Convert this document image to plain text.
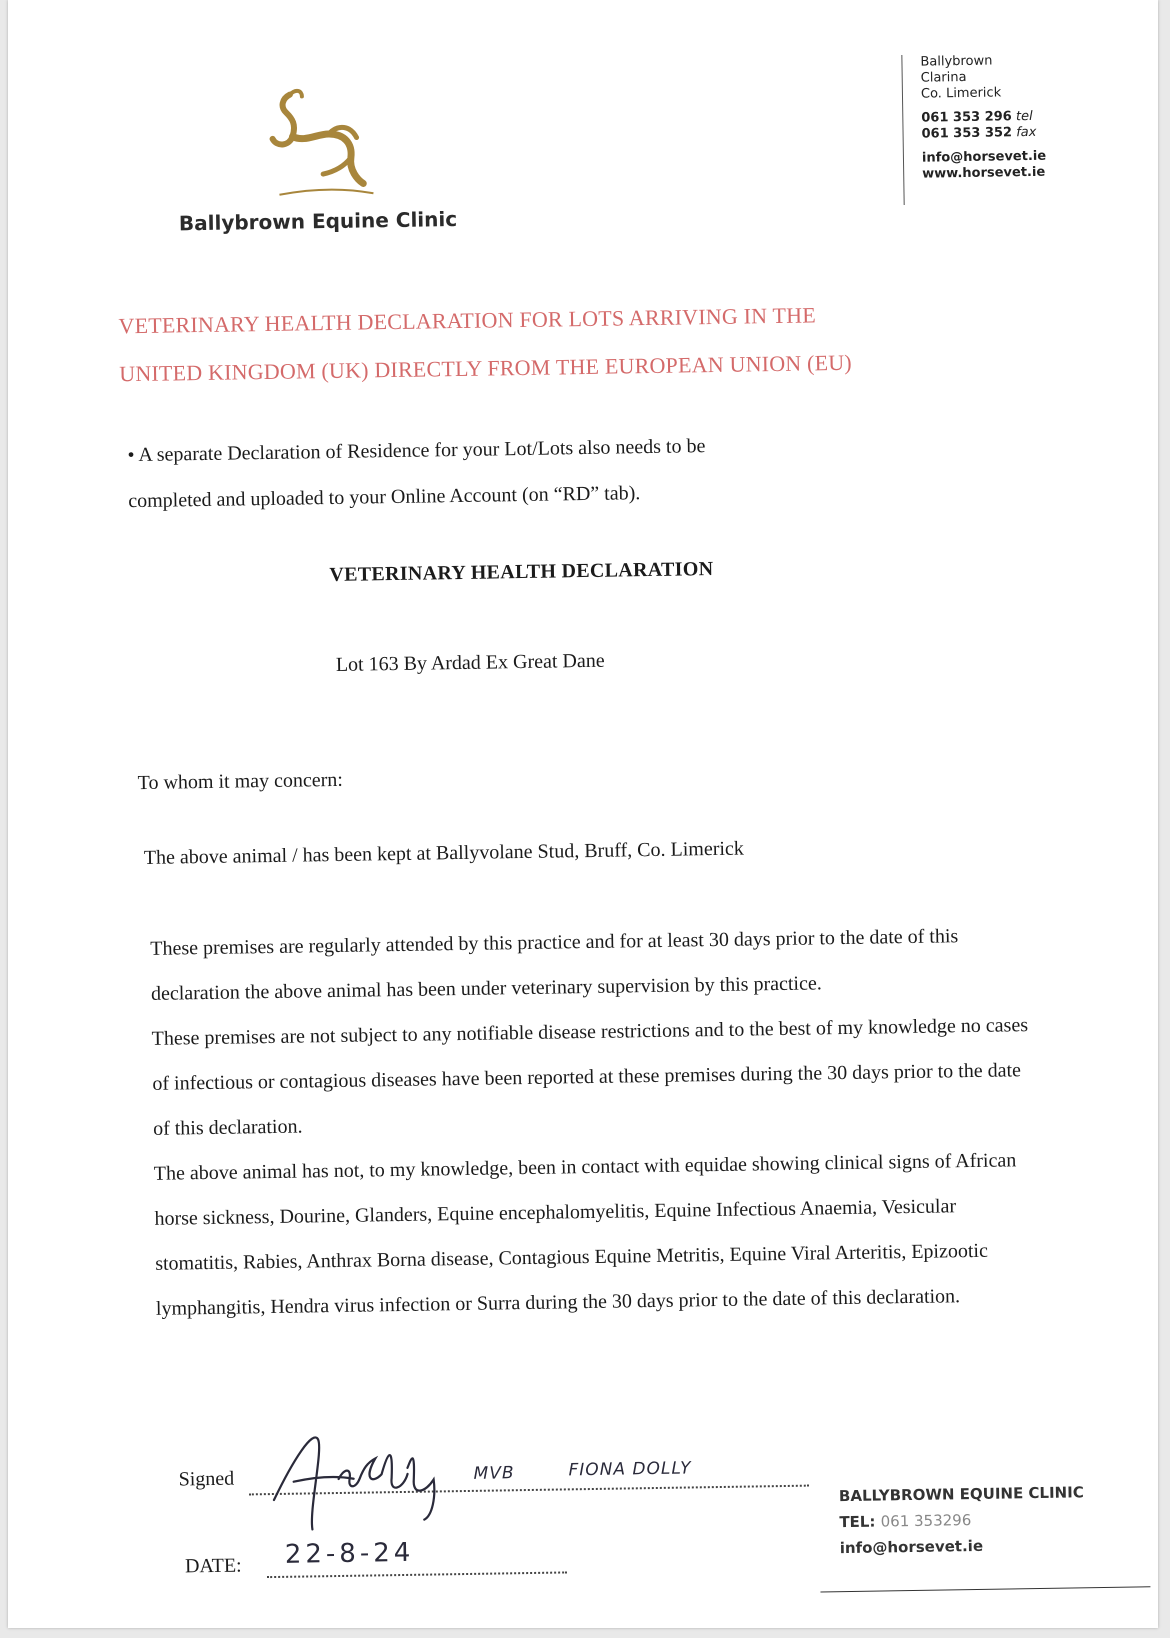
Ballybrown Equine Clinic
Ballybrown
Clarina
Co. Limerick
061 353 296 tel
061 353 352 fax
info@horsevet.ie
www.horsevet.ie
VETERINARY HEALTH DECLARATION FOR LOTS ARRIVING IN THE
UNITED KINGDOM (UK) DIRECTLY FROM THE EUROPEAN UNION (EU)
• A separate Declaration of Residence for your Lot/Lots also needs to be
completed and uploaded to your Online Account (on “RD” tab).
VETERINARY HEALTH DECLARATION
Lot 163 By Ardad Ex Great Dane
To whom it may concern:
The above animal / has been kept at Ballyvolane Stud, Bruff, Co. Limerick

These premises are regularly attended by this practice and for at least 30 days prior to the date of this declaration the above animal has been under veterinary supervision by this practice.

These premises are not subject to any notifiable disease restrictions and to the best of my knowledge no cases of infectious or contagious diseases have been reported at these premises during the 30 days prior to the date of this declaration.

The above animal has not, to my knowledge, been in contact with equidae showing clinical signs of African horse sickness, Dourine, Glanders, Equine encephalomyelitis, Equine Infectious Anaemia, Vesicular stomatitis, Rabies, Anthrax Borna disease, Contagious Equine Metritis, Equine Viral Arteritis, Epizootic lymphangitis, Hendra virus infection or Surra during the 30 days prior to the date of this declaration.

Signed	MVB	FIONA DOLLY
DATE: 22-8-24
BALLYBROWN EQUINE CLINIC
TEL: 061 353296
info@horsevet.ie
